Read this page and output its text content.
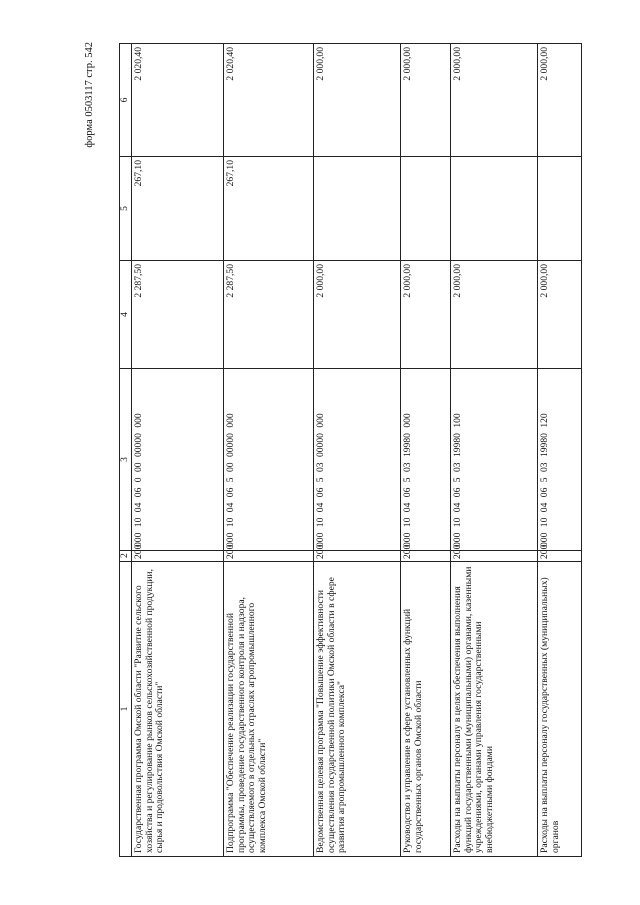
форма 0503117 стр. 542
1	2	3	4	5	6
Государственная программа Омской области "Развитие сельского хозяйства и регулирование рынков сельскохозяйственной продукции, сырья и продовольствия Омской области"	200	000 10 04 06 0 00 00000 000	2 287,50	267,10	2 020,40
Подпрограмма "Обеспечение реализации государственной программы, проведение государственного контроля и надзора, осуществляемого в отдельных отраслях агропромышленного комплекса Омской области"	200	000 10 04 06 5 00 00000 000	2 287,50	267,10	2 020,40
Ведомственная целевая программа "Повышение эффективности осуществления государственной политики Омской области в сфере развития агропромышленного комплекса"	200	000 10 04 06 5 03 00000 000	2 000,00		2 000,00
Руководство и управление в сфере установленных функций государственных органов Омской области	200	000 10 04 06 5 03 19980 000	2 000,00		2 000,00
Расходы на выплаты персоналу в целях обеспечения выполнения функций государственными (муниципальными) органами, казенными учреждениями, органами управления государственными внебюджетными фондами	200	000 10 04 06 5 03 19980 100	2 000,00		2 000,00
Расходы на выплаты персоналу государственных (муниципальных) органов	200	000 10 04 06 5 03 19980 120	2 000,00		2 000,00
